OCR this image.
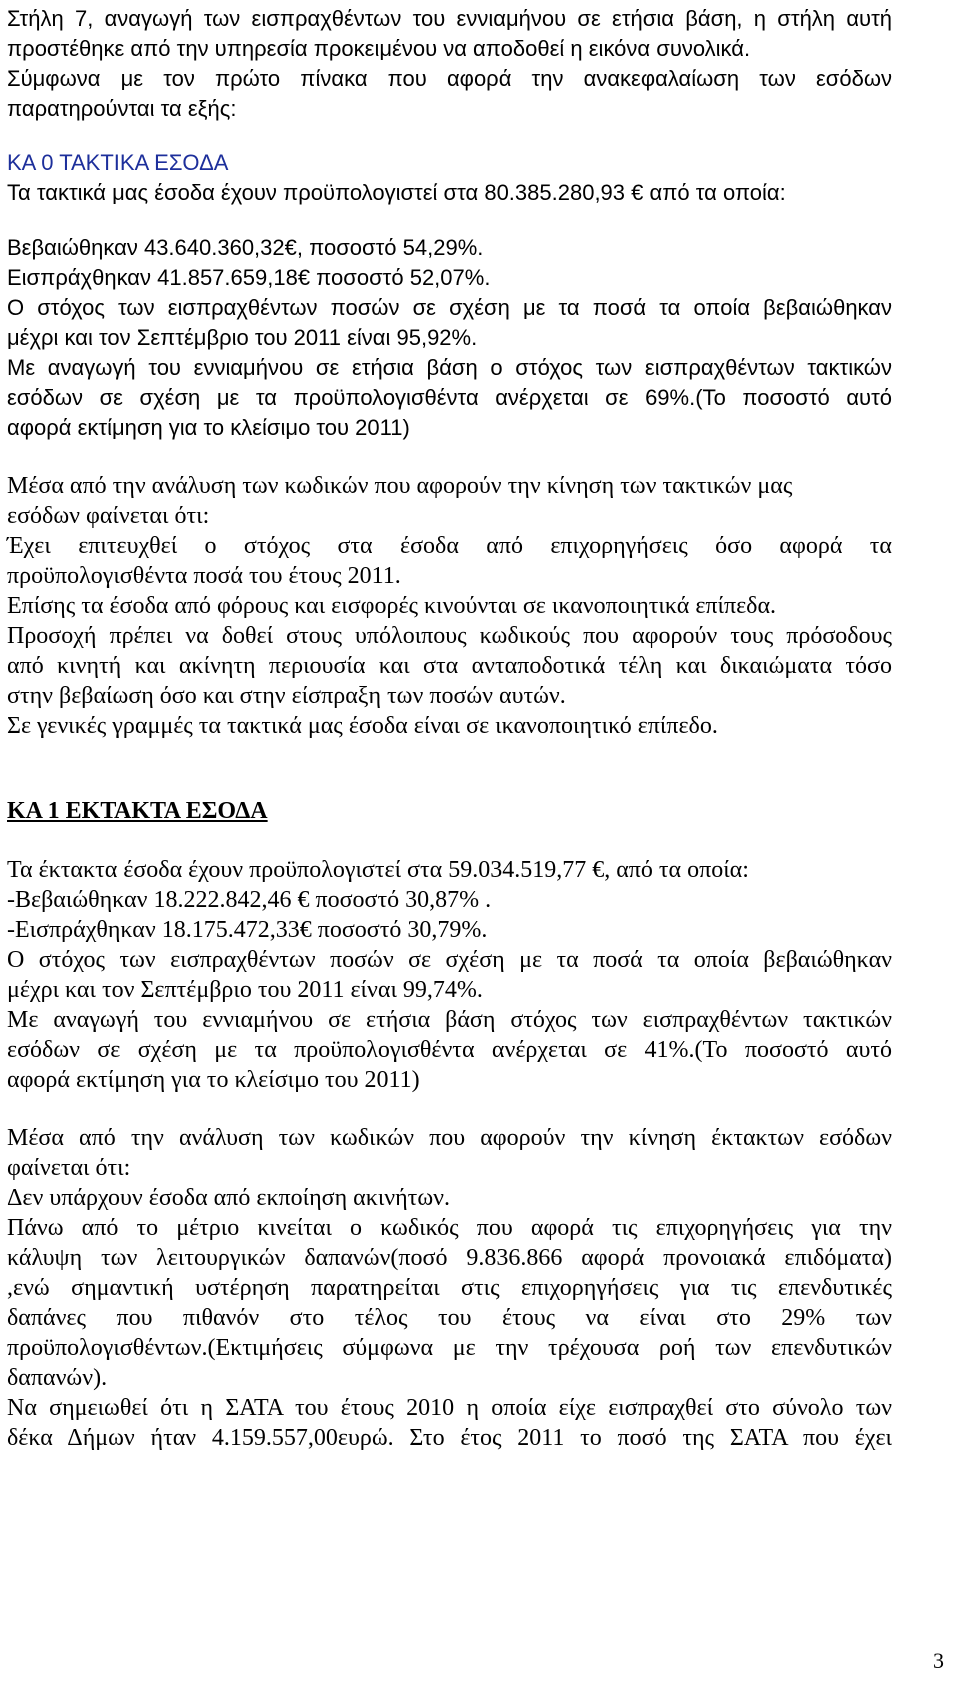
Στήλη 7, αναγωγή των εισπραχθέντων του εννιαμήνου σε ετήσια βάση, η στήλη αυτή

προστέθηκε από την υπηρεσία προκειμένου να αποδοθεί η εικόνα συνολικά.

Σύμφωνα με τον πρώτο πίνακα που αφορά την ανακεφαλαίωση των εσόδων

παρατηρούνται τα εξής:

ΚΑ 0 ΤΑΚΤΙΚΑ ΕΣΟΔΑ

Τα τακτικά μας έσοδα έχουν προϋπολογιστεί στα 80.385.280,93 € από τα οποία:

Βεβαιώθηκαν 43.640.360,32€, ποσοστό 54,29%.

Εισπράχθηκαν 41.857.659,18€ ποσοστό 52,07%.

Ο στόχος των εισπραχθέντων ποσών σε σχέση με τα ποσά τα οποία βεβαιώθηκαν

μέχρι και τον Σεπτέμβριο του 2011 είναι 95,92%.

Με αναγωγή του εννιαμήνου σε ετήσια βάση ο στόχος των εισπραχθέντων τακτικών

εσόδων σε σχέση με τα προϋπολογισθέντα ανέρχεται σε 69%.(Το ποσοστό αυτό

αφορά εκτίμηση για το κλείσιμο του 2011)

Μέσα από την ανάλυση των κωδικών που αφορούν την κίνηση των τακτικών μας

εσόδων φαίνεται ότι:

Έχει επιτευχθεί ο στόχος στα έσοδα από επιχορηγήσεις όσο αφορά τα

προϋπολογισθέντα ποσά του έτους 2011.

Επίσης τα έσοδα από φόρους και εισφορές κινούνται σε ικανοποιητικά επίπεδα.

Προσοχή πρέπει να δοθεί στους υπόλοιπους κωδικούς που αφορούν τους πρόσοδους

από κινητή και ακίνητη περιουσία και στα ανταποδοτικά τέλη και δικαιώματα τόσο

στην βεβαίωση όσο και στην είσπραξη των ποσών αυτών.

Σε γενικές γραμμές τα τακτικά μας έσοδα είναι σε ικανοποιητικό επίπεδο.

ΚΑ 1 ΕΚΤΑΚΤΑ ΕΣΟΔΑ

Τα έκτακτα έσοδα έχουν προϋπολογιστεί στα 59.034.519,77 €, από τα οποία:

-Βεβαιώθηκαν 18.222.842,46 € ποσοστό 30,87% .

-Εισπράχθηκαν 18.175.472,33€ ποσοστό 30,79%.

Ο στόχος των εισπραχθέντων ποσών σε σχέση με τα ποσά τα οποία βεβαιώθηκαν

μέχρι και τον Σεπτέμβριο του 2011 είναι 99,74%.

Με αναγωγή του εννιαμήνου σε ετήσια βάση στόχος των εισπραχθέντων τακτικών

εσόδων σε σχέση με τα προϋπολογισθέντα ανέρχεται σε 41%.(Το ποσοστό αυτό

αφορά εκτίμηση για το κλείσιμο του 2011)

Μέσα από την ανάλυση των κωδικών που αφορούν την κίνηση έκτακτων εσόδων

φαίνεται ότι:

Δεν υπάρχουν έσοδα από εκποίηση ακινήτων.

Πάνω από το μέτριο κινείται ο κωδικός που αφορά τις επιχορηγήσεις για την

κάλυψη των λειτουργικών δαπανών(ποσό 9.836.866 αφορά προνοιακά επιδόματα)

,ενώ σημαντική υστέρηση παρατηρείται στις επιχορηγήσεις για τις επενδυτικές

δαπάνες που πιθανόν στο τέλος του έτους να είναι στο 29% των

προϋπολογισθέντων.(Εκτιμήσεις σύμφωνα με την τρέχουσα ροή των επενδυτικών

δαπανών).

Να σημειωθεί ότι η ΣΑΤΑ του έτους 2010 η οποία είχε εισπραχθεί στο σύνολο των

δέκα Δήμων ήταν 4.159.557,00ευρώ. Στο έτος 2011 το ποσό της ΣΑΤΑ που έχει

3
